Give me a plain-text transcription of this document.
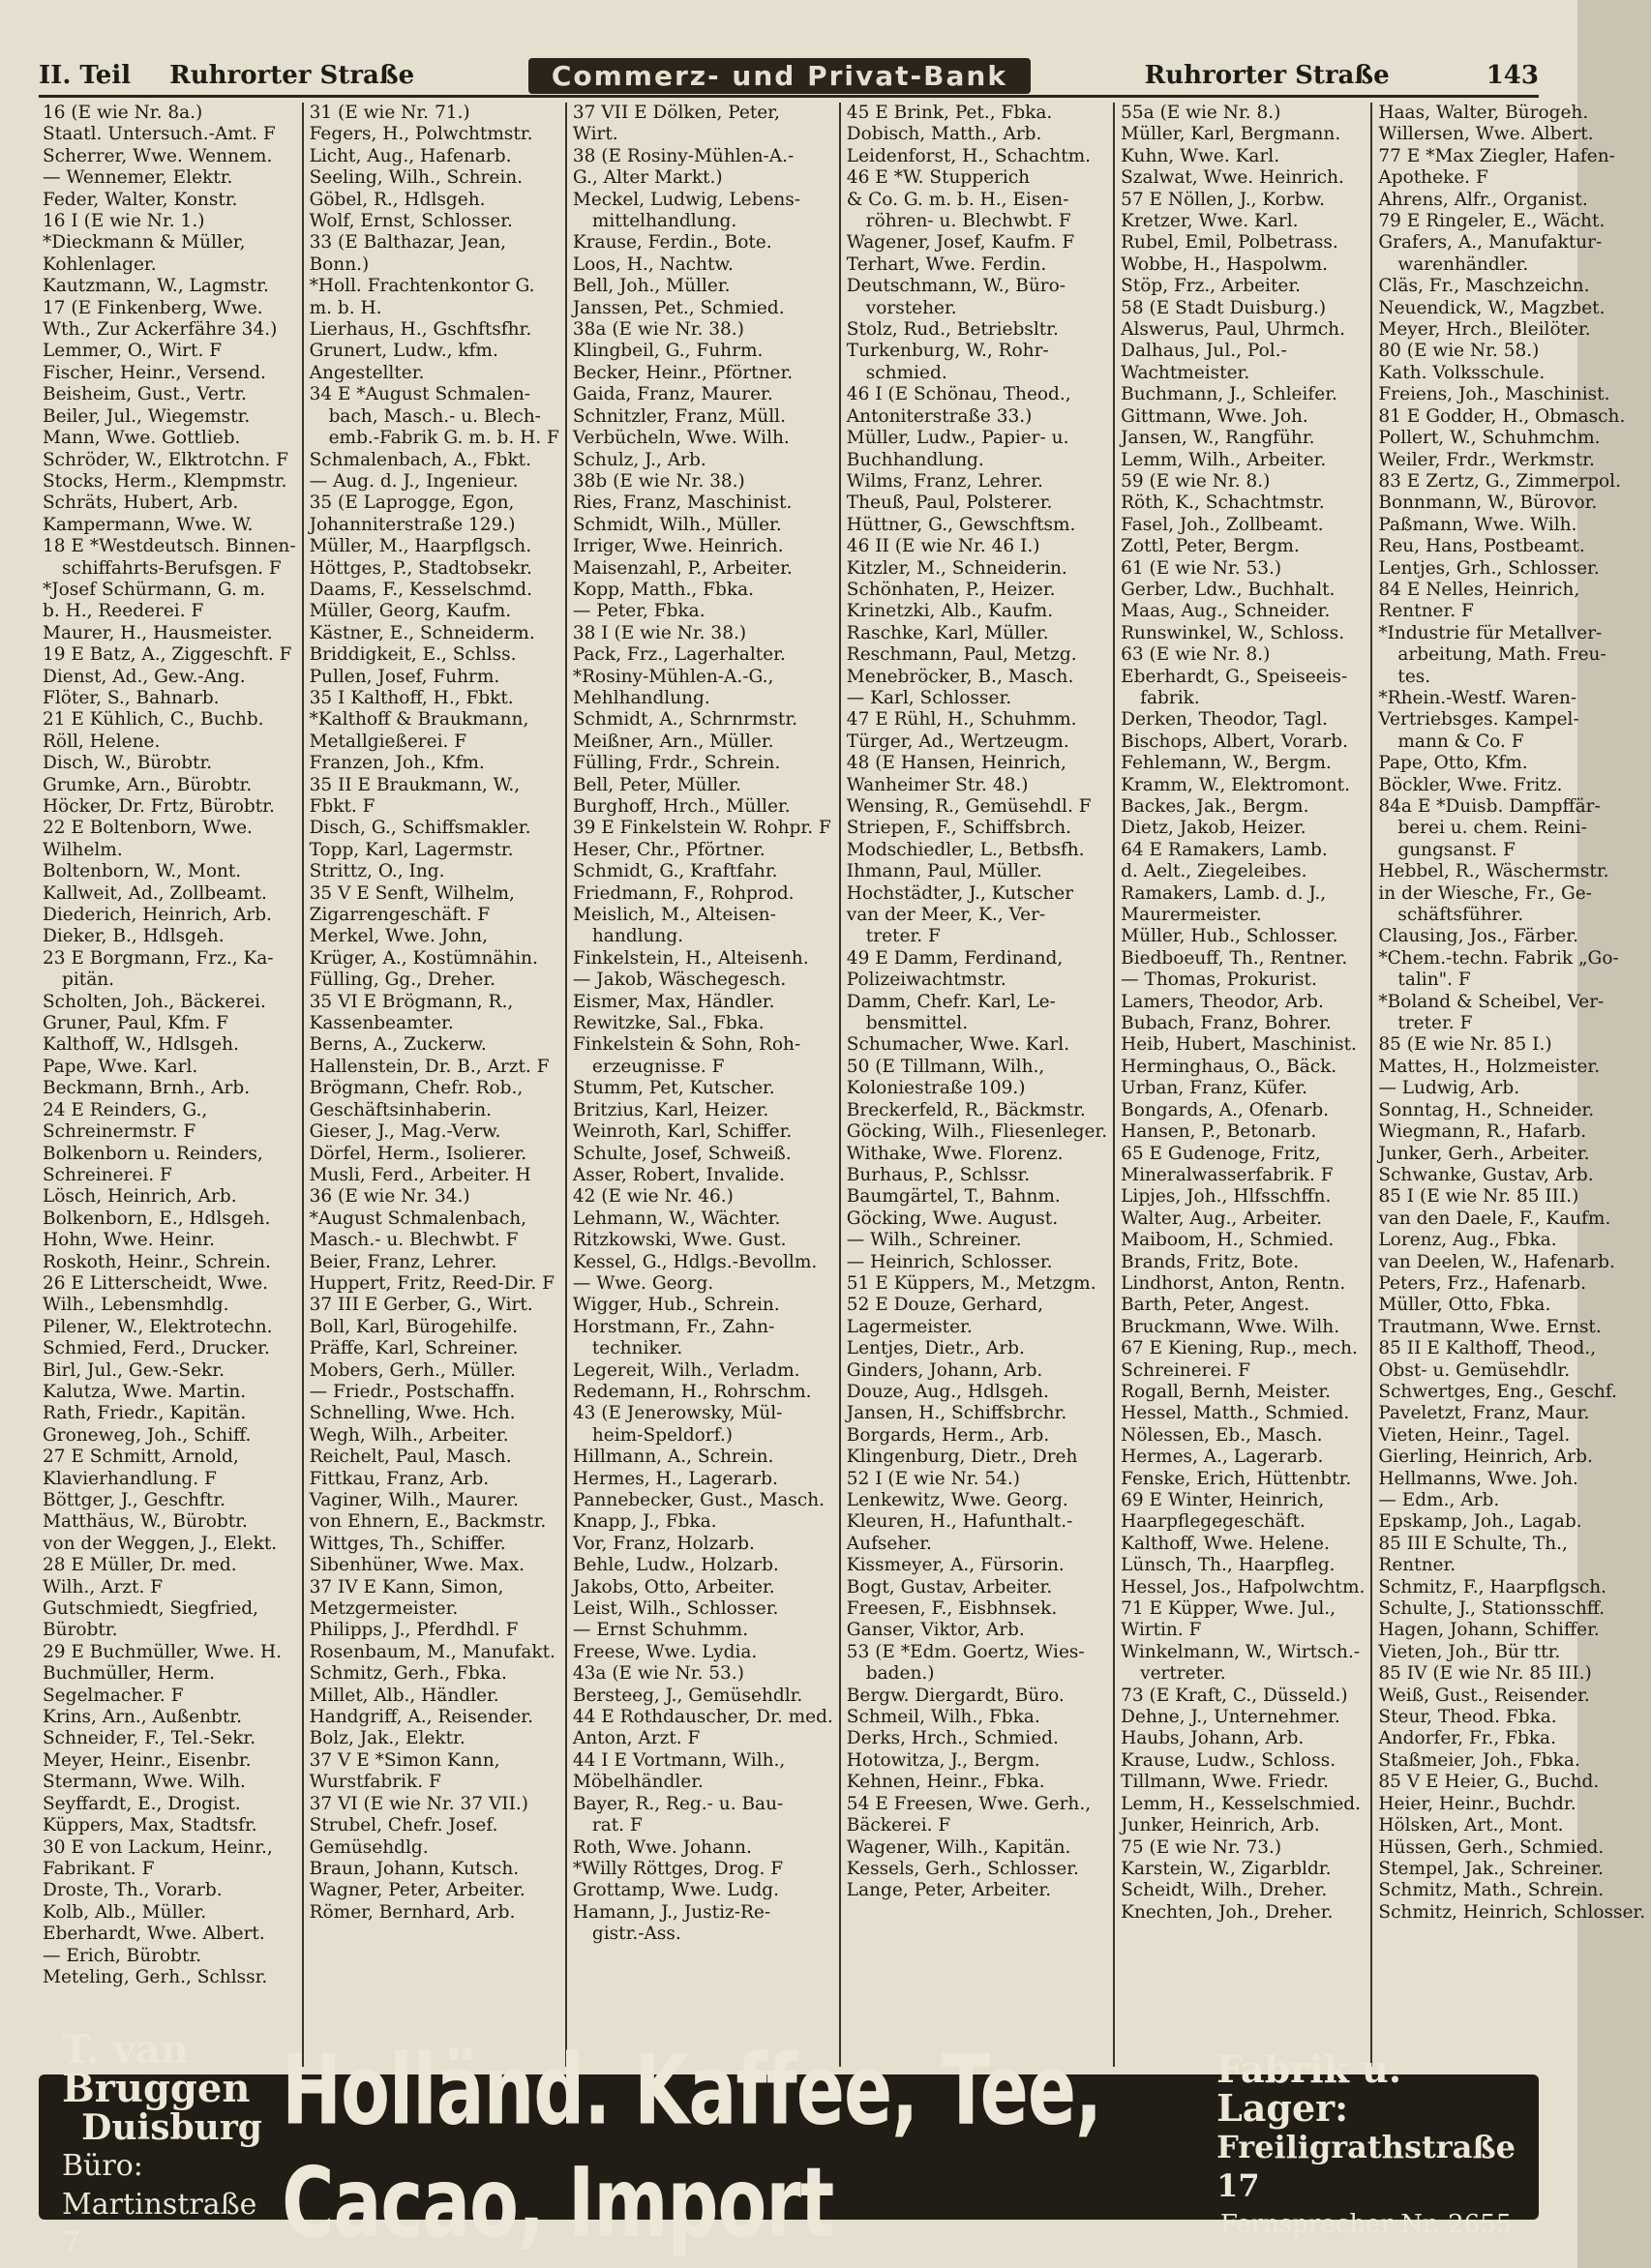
II. Teil Ruhrorter Straße	Commerz- und Privat-Bank	Ruhrorter Straße	143
16 (E wie Nr. 8a.)
Staatl. Untersuch.-Amt. F
Scherrer, Wwe. Wennem.
— Wennemer, Elektr.
Feder, Walter, Konstr.
16 I (E wie Nr. 1.)
*Dieckmann & Müller,
Kohlenlager.
Kautzmann, W., Lagmstr.
17 (E Finkenberg, Wwe.
Wth., Zur Ackerfähre 34.)
Lemmer, O., Wirt. F
Fischer, Heinr., Versend.
Beisheim, Gust., Vertr.
Beiler, Jul., Wiegemstr.
Mann, Wwe. Gottlieb.
Schröder, W., Elktrotchn. F
Stocks, Herm., Klempmstr.
Schräts, Hubert, Arb.
Kampermann, Wwe. W.
18 E *Westdeutsch. Binnen-
schiffahrts-Berufsgen. F
*Josef Schürmann, G. m.
b. H., Reederei. F
Maurer, H., Hausmeister.
19 E Batz, A., Ziggeschft. F
Dienst, Ad., Gew.-Ang.
Flöter, S., Bahnarb.
21 E Kühlich, C., Buchb.
Röll, Helene.
Disch, W., Bürobtr.
Grumke, Arn., Bürobtr.
Höcker, Dr. Frtz, Bürobtr.
22 E Boltenborn, Wwe.
Wilhelm.
Boltenborn, W., Mont.
Kallweit, Ad., Zollbeamt.
Diederich, Heinrich, Arb.
Dieker, B., Hdlsgeh.
23 E Borgmann, Frz., Ka-
pitän.
Scholten, Joh., Bäckerei.
Gruner, Paul, Kfm. F
Kalthoff, W., Hdlsgeh.
Pape, Wwe. Karl.
Beckmann, Brnh., Arb.
24 E Reinders, G.,
Schreinermstr. F
Bolkenborn u. Reinders,
Schreinerei. F
Lösch, Heinrich, Arb.
Bolkenborn, E., Hdlsgeh.
Hohn, Wwe. Heinr.
Roskoth, Heinr., Schrein.
26 E Litterscheidt, Wwe.
Wilh., Lebensmhdlg.
Pilener, W., Elektrotechn.
Schmied, Ferd., Drucker.
Birl, Jul., Gew.-Sekr.
Kalutza, Wwe. Martin.
Rath, Friedr., Kapitän.
Groneweg, Joh., Schiff.
27 E Schmitt, Arnold,
Klavierhandlung. F
Böttger, J., Geschftr.
Matthäus, W., Bürobtr.
von der Weggen, J., Elekt.
28 E Müller, Dr. med.
Wilh., Arzt. F
Gutschmiedt, Siegfried,
Bürobtr.
29 E Buchmüller, Wwe. H.
Buchmüller, Herm.
Segelmacher. F
Krins, Arn., Außenbtr.
Schneider, F., Tel.-Sekr.
Meyer, Heinr., Eisenbr.
Stermann, Wwe. Wilh.
Seyffardt, E., Drogist.
Küppers, Max, Stadtsfr.
30 E von Lackum, Heinr.,
Fabrikant. F
Droste, Th., Vorarb.
Kolb, Alb., Müller.
Eberhardt, Wwe. Albert.
— Erich, Bürobtr.
Meteling, Gerh., Schlssr.
31 (E wie Nr. 71.)
Fegers, H., Polwchtmstr.
Licht, Aug., Hafenarb.
Seeling, Wilh., Schrein.
Göbel, R., Hdlsgeh.
Wolf, Ernst, Schlosser.
33 (E Balthazar, Jean,
Bonn.)
*Holl. Frachtenkontor G.
m. b. H.
Lierhaus, H., Gschftsfhr.
Grunert, Ludw., kfm.
Angestellter.
34 E *August Schmalen-
bach, Masch.- u. Blech-
emb.-Fabrik G. m. b. H. F
Schmalenbach, A., Fbkt.
— Aug. d. J., Ingenieur.
35 (E Laprogge, Egon,
Johanniterstraße 129.)
Müller, M., Haarpflgsch.
Höttges, P., Stadtobsekr.
Daams, F., Kesselschmd.
Müller, Georg, Kaufm.
Kästner, E., Schneiderm.
Briddigkeit, E., Schlss.
Pullen, Josef, Fuhrm.
35 I Kalthoff, H., Fbkt.
*Kalthoff & Braukmann,
Metallgießerei. F
Franzen, Joh., Kfm.
35 II E Braukmann, W.,
Fbkt. F
Disch, G., Schiffsmakler.
Topp, Karl, Lagermstr.
Strittz, O., Ing.
35 V E Senft, Wilhelm,
Zigarrengeschäft. F
Merkel, Wwe. John,
Krüger, A., Kostümnähin.
Fülling, Gg., Dreher.
35 VI E Brögmann, R.,
Kassenbeamter.
Berns, A., Zuckerw.
Hallenstein, Dr. B., Arzt. F
Brögmann, Chefr. Rob.,
Geschäftsinhaberin.
Gieser, J., Mag.-Verw.
Dörfel, Herm., Isolierer.
Musli, Ferd., Arbeiter. H
36 (E wie Nr. 34.)
*August Schmalenbach,
Masch.- u. Blechwbt. F
Beier, Franz, Lehrer.
Huppert, Fritz, Reed-Dir. F
37 III E Gerber, G., Wirt.
Boll, Karl, Bürogehilfe.
Präffe, Karl, Schreiner.
Mobers, Gerh., Müller.
— Friedr., Postschaffn.
Schnelling, Wwe. Hch.
Wegh, Wilh., Arbeiter.
Reichelt, Paul, Masch.
Fittkau, Franz, Arb.
Vaginer, Wilh., Maurer.
von Ehnern, E., Backmstr.
Wittges, Th., Schiffer.
Sibenhüner, Wwe. Max.
37 IV E Kann, Simon,
Metzgermeister.
Philipps, J., Pferdhdl. F
Rosenbaum, M., Manufakt.
Schmitz, Gerh., Fbka.
Millet, Alb., Händler.
Handgriff, A., Reisender.
Bolz, Jak., Elektr.
37 V E *Simon Kann,
Wurstfabrik. F
37 VI (E wie Nr. 37 VII.)
Strubel, Chefr. Josef.
Gemüsehdlg.
Braun, Johann, Kutsch.
Wagner, Peter, Arbeiter.
Römer, Bernhard, Arb.
37 VII E Dölken, Peter,
Wirt.
38 (E Rosiny-Mühlen-A.-
G., Alter Markt.)
Meckel, Ludwig, Lebens-
mittelhandlung.
Krause, Ferdin., Bote.
Loos, H., Nachtw.
Bell, Joh., Müller.
Janssen, Pet., Schmied.
38a (E wie Nr. 38.)
Klingbeil, G., Fuhrm.
Becker, Heinr., Pförtner.
Gaida, Franz, Maurer.
Schnitzler, Franz, Müll.
Verbücheln, Wwe. Wilh.
Schulz, J., Arb.
38b (E wie Nr. 38.)
Ries, Franz, Maschinist.
Schmidt, Wilh., Müller.
Irriger, Wwe. Heinrich.
Maisenzahl, P., Arbeiter.
Kopp, Matth., Fbka.
— Peter, Fbka.
38 I (E wie Nr. 38.)
Pack, Frz., Lagerhalter.
*Rosiny-Mühlen-A.-G.,
Mehlhandlung.
Schmidt, A., Schrnrmstr.
Meißner, Arn., Müller.
Fülling, Frdr., Schrein.
Bell, Peter, Müller.
Burghoff, Hrch., Müller.
39 E Finkelstein W. Rohpr. F
Heser, Chr., Pförtner.
Schmidt, G., Kraftfahr.
Friedmann, F., Rohprod.
Meislich, M., Alteisen-
handlung.
Finkelstein, H., Alteisenh.
— Jakob, Wäschegesch.
Eismer, Max, Händler.
Rewitzke, Sal., Fbka.
Finkelstein & Sohn, Roh-
erzeugnisse. F
Stumm, Pet, Kutscher.
Britzius, Karl, Heizer.
Weinroth, Karl, Schiffer.
Schulte, Josef, Schweiß.
Asser, Robert, Invalide.
42 (E wie Nr. 46.)
Lehmann, W., Wächter.
Ritzkowski, Wwe. Gust.
Kessel, G., Hdlgs.-Bevollm.
— Wwe. Georg.
Wigger, Hub., Schrein.
Horstmann, Fr., Zahn-
techniker.
Legereit, Wilh., Verladm.
Redemann, H., Rohrschm.
43 (E Jenerowsky, Mül-
heim-Speldorf.)
Hillmann, A., Schrein.
Hermes, H., Lagerarb.
Pannebecker, Gust., Masch.
Knapp, J., Fbka.
Vor, Franz, Holzarb.
Behle, Ludw., Holzarb.
Jakobs, Otto, Arbeiter.
Leist, Wilh., Schlosser.
— Ernst Schuhmm.
Freese, Wwe. Lydia.
43a (E wie Nr. 53.)
Bersteeg, J., Gemüsehdlr.
44 E Rothdauscher, Dr. med.
Anton, Arzt. F
44 I E Vortmann, Wilh.,
Möbelhändler.
Bayer, R., Reg.- u. Bau-
rat. F
Roth, Wwe. Johann.
*Willy Röttges, Drog. F
Grottamp, Wwe. Ludg.
Hamann, J., Justiz-Re-
gistr.-Ass.
45 E Brink, Pet., Fbka.
Dobisch, Matth., Arb.
Leidenforst, H., Schachtm.
46 E *W. Stupperich
& Co. G. m. b. H., Eisen-
röhren- u. Blechwbt. F
Wagener, Josef, Kaufm. F
Terhart, Wwe. Ferdin.
Deutschmann, W., Büro-
vorsteher.
Stolz, Rud., Betriebsltr.
Turkenburg, W., Rohr-
schmied.
46 I (E Schönau, Theod.,
Antoniterstraße 33.)
Müller, Ludw., Papier- u.
Buchhandlung.
Wilms, Franz, Lehrer.
Theuß, Paul, Polsterer.
Hüttner, G., Gewschftsm.
46 II (E wie Nr. 46 I.)
Kitzler, M., Schneiderin.
Schönhaten, P., Heizer.
Krinetzki, Alb., Kaufm.
Raschke, Karl, Müller.
Reschmann, Paul, Metzg.
Menebröcker, B., Masch.
— Karl, Schlosser.
47 E Rühl, H., Schuhmm.
Türger, Ad., Wertzeugm.
48 (E Hansen, Heinrich,
Wanheimer Str. 48.)
Wensing, R., Gemüsehdl. F
Striepen, F., Schiffsbrch.
Modschiedler, L., Betbsfh.
Ihmann, Paul, Müller.
Hochstädter, J., Kutscher
van der Meer, K., Ver-
treter. F
49 E Damm, Ferdinand,
Polizeiwachtmstr.
Damm, Chefr. Karl, Le-
bensmittel.
Schumacher, Wwe. Karl.
50 (E Tillmann, Wilh.,
Koloniestraße 109.)
Breckerfeld, R., Bäckmstr.
Göcking, Wilh., Fliesenleger.
Withake, Wwe. Florenz.
Burhaus, P., Schlssr.
Baumgärtel, T., Bahnm.
Göcking, Wwe. August.
— Wilh., Schreiner.
— Heinrich, Schlosser.
51 E Küppers, M., Metzgm.
52 E Douze, Gerhard,
Lagermeister.
Lentjes, Dietr., Arb.
Ginders, Johann, Arb.
Douze, Aug., Hdlsgeh.
Jansen, H., Schiffsbrchr.
Borgards, Herm., Arb.
Klingenburg, Dietr., Dreh
52 I (E wie Nr. 54.)
Lenkewitz, Wwe. Georg.
Kleuren, H., Hafunthalt.-
Aufseher.
Kissmeyer, A., Fürsorin.
Bogt, Gustav, Arbeiter.
Freesen, F., Eisbhnsek.
Ganser, Viktor, Arb.
53 (E *Edm. Goertz, Wies-
baden.)
Bergw. Diergardt, Büro.
Schmeil, Wilh., Fbka.
Derks, Hrch., Schmied.
Hotowitza, J., Bergm.
Kehnen, Heinr., Fbka.
54 E Freesen, Wwe. Gerh.,
Bäckerei. F
Wagener, Wilh., Kapitän.
Kessels, Gerh., Schlosser.
Lange, Peter, Arbeiter.
55a (E wie Nr. 8.)
Müller, Karl, Bergmann.
Kuhn, Wwe. Karl.
Szalwat, Wwe. Heinrich.
57 E Nöllen, J., Korbw.
Kretzer, Wwe. Karl.
Rubel, Emil, Polbetrass.
Wobbe, H., Haspolwm.
Stöp, Frz., Arbeiter.
58 (E Stadt Duisburg.)
Alswerus, Paul, Uhrmch.
Dalhaus, Jul., Pol.-
Wachtmeister.
Buchmann, J., Schleifer.
Gittmann, Wwe. Joh.
Jansen, W., Rangführ.
Lemm, Wilh., Arbeiter.
59 (E wie Nr. 8.)
Röth, K., Schachtmstr.
Fasel, Joh., Zollbeamt.
Zottl, Peter, Bergm.
61 (E wie Nr. 53.)
Gerber, Ldw., Buchhalt.
Maas, Aug., Schneider.
Runswinkel, W., Schloss.
63 (E wie Nr. 8.)
Eberhardt, G., Speiseeis-
fabrik.
Derken, Theodor, Tagl.
Bischops, Albert, Vorarb.
Fehlemann, W., Bergm.
Kramm, W., Elektromont.
Backes, Jak., Bergm.
Dietz, Jakob, Heizer.
64 E Ramakers, Lamb.
d. Aelt., Ziegeleibes.
Ramakers, Lamb. d. J.,
Maurermeister.
Müller, Hub., Schlosser.
Biedboeuff, Th., Rentner.
— Thomas, Prokurist.
Lamers, Theodor, Arb.
Bubach, Franz, Bohrer.
Heib, Hubert, Maschinist.
Herminghaus, O., Bäck.
Urban, Franz, Küfer.
Bongards, A., Ofenarb.
Hansen, P., Betonarb.
65 E Gudenoge, Fritz,
Mineralwasserfabrik. F
Lipjes, Joh., Hlfsschffn.
Walter, Aug., Arbeiter.
Maiboom, H., Schmied.
Brands, Fritz, Bote.
Lindhorst, Anton, Rentn.
Barth, Peter, Angest.
Bruckmann, Wwe. Wilh.
67 E Kiening, Rup., mech.
Schreinerei. F
Rogall, Bernh, Meister.
Hessel, Matth., Schmied.
Nölessen, Eb., Masch.
Hermes, A., Lagerarb.
Fenske, Erich, Hüttenbtr.
69 E Winter, Heinrich,
Haarpflegegeschäft.
Kalthoff, Wwe. Helene.
Lünsch, Th., Haarpfleg.
Hessel, Jos., Hafpolwchtm.
71 E Küpper, Wwe. Jul.,
Wirtin. F
Winkelmann, W., Wirtsch.-
vertreter.
73 (E Kraft, C., Düsseld.)
Dehne, J., Unternehmer.
Haubs, Johann, Arb.
Krause, Ludw., Schloss.
Tillmann, Wwe. Friedr.
Lemm, H., Kesselschmied.
Junker, Heinrich, Arb.
75 (E wie Nr. 73.)
Karstein, W., Zigarbldr.
Scheidt, Wilh., Dreher.
Knechten, Joh., Dreher.
Haas, Walter, Bürogeh.
Willersen, Wwe. Albert.
77 E *Max Ziegler, Hafen-
Apotheke. F
Ahrens, Alfr., Organist.
79 E Ringeler, E., Wächt.
Grafers, A., Manufaktur-
warenhändler.
Cläs, Fr., Maschzeichn.
Neuendick, W., Magzbet.
Meyer, Hrch., Bleilöter.
80 (E wie Nr. 58.)
Kath. Volksschule.
Freiens, Joh., Maschinist.
81 E Godder, H., Obmasch.
Pollert, W., Schuhmchm.
Weiler, Frdr., Werkmstr.
83 E Zertz, G., Zimmerpol.
Bonnmann, W., Bürovor.
Paßmann, Wwe. Wilh.
Reu, Hans, Postbeamt.
Lentjes, Grh., Schlosser.
84 E Nelles, Heinrich,
Rentner. F
*Industrie für Metallver-
arbeitung, Math. Freu-
tes.
*Rhein.-Westf. Waren-
Vertriebsges. Kampel-
mann & Co. F
Pape, Otto, Kfm.
Böckler, Wwe. Fritz.
84a E *Duisb. Dampffär-
berei u. chem. Reini-
gungsanst. F
Hebbel, R., Wäschermstr.
in der Wiesche, Fr., Ge-
schäftsführer.
Clausing, Jos., Färber.
*Chem.-techn. Fabrik „Go-
talin". F
*Boland & Scheibel, Ver-
treter. F
85 (E wie Nr. 85 I.)
Mattes, H., Holzmeister.
— Ludwig, Arb.
Sonntag, H., Schneider.
Wiegmann, R., Hafarb.
Junker, Gerh., Arbeiter.
Schwanke, Gustav, Arb.
85 I (E wie Nr. 85 III.)
van den Daele, F., Kaufm.
Lorenz, Aug., Fbka.
van Deelen, W., Hafenarb.
Peters, Frz., Hafenarb.
Müller, Otto, Fbka.
Trautmann, Wwe. Ernst.
85 II E Kalthoff, Theod.,
Obst- u. Gemüsehdlr.
Schwertges, Eng., Geschf.
Paveletzt, Franz, Maur.
Vieten, Heinr., Tagel.
Gierling, Heinrich, Arb.
Hellmanns, Wwe. Joh.
— Edm., Arb.
Epskamp, Joh., Lagab.
85 III E Schulte, Th.,
Rentner.
Schmitz, F., Haarpflgsch.
Schulte, J., Stationsschff.
Hagen, Johann, Schiffer.
Vieten, Joh., Bür ttr.
85 IV (E wie Nr. 85 III.)
Weiß, Gust., Reisender.
Steur, Theod. Fbka.
Andorfer, Fr., Fbka.
Staßmeier, Joh., Fbka.
85 V E Heier, G., Buchd.
Heier, Heinr., Buchdr.
Hölsken, Art., Mont.
Hüssen, Gerh., Schmied.
Stempel, Jak., Schreiner.
Schmitz, Math., Schrein.
Schmitz, Heinrich, Schlosser.
T. van Bruggen
Duisburg
Büro: Martinstraße 7
Holländ. Kaffee, Tee, Cacao, Import
Fabrik u. Lager:
Freiligrathstraße 17
Fernsprecher Nr. 2655
